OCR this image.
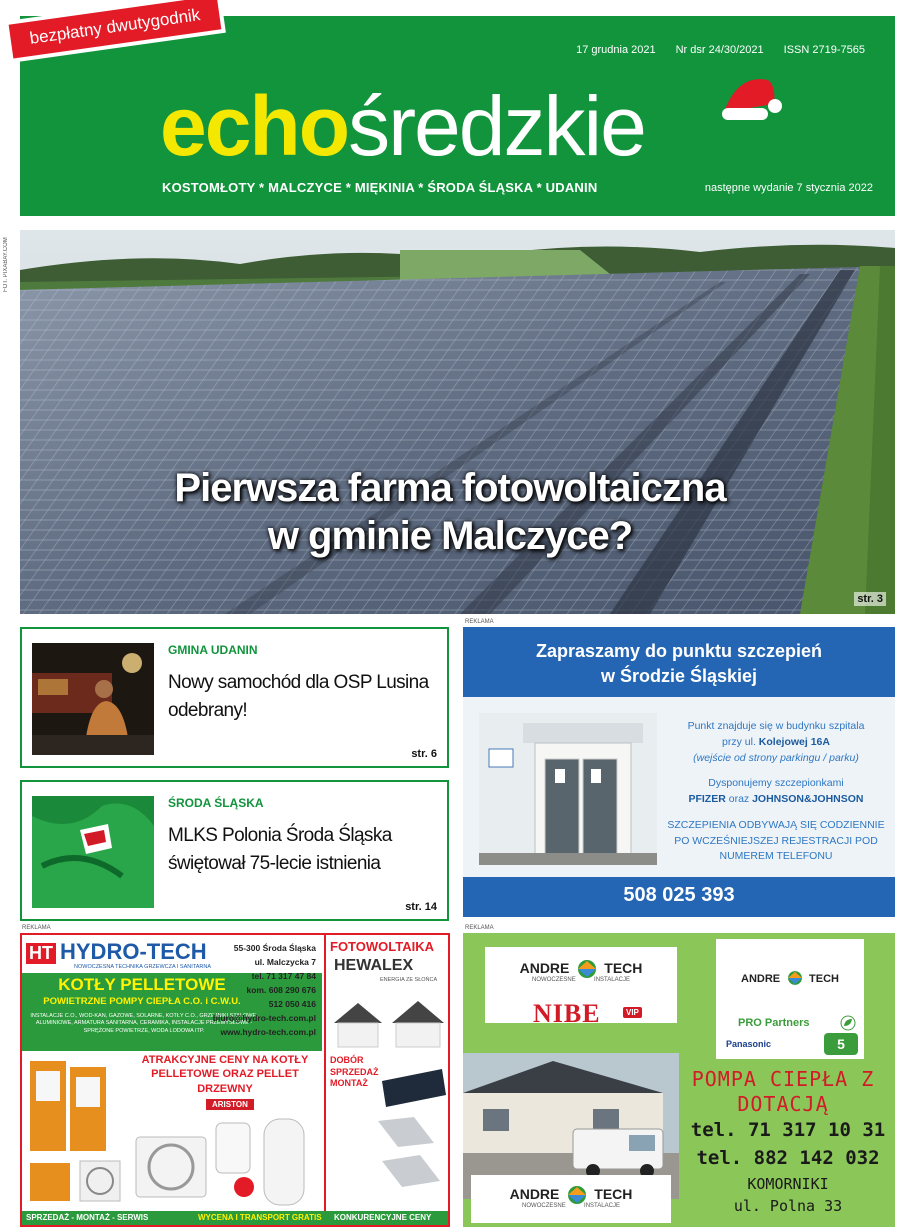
17 grudnia 2021 Nr dsr 24/30/2021 ISSN 2719-7565
echośredzkie
KOSTOMŁOTY * MALCZYCE * MIĘKINIA * ŚRODA ŚLĄSKA * UDANIN	następne wydanie 7 stycznia 2022
bezpłatny dwutygodnik
FOT. PIXABAY.COM
Pierwsza farma fotowoltaiczna
w gminie Malczyce?
str. 3
GMINA UDANIN
Nowy samochód dla OSP Lusina odebrany!
str. 6
ŚRODA ŚLĄSKA
MLKS Polonia Środa Śląska świętował 75-lecie istnienia
str. 14
REKLAMA
REKLAMA	REKLAMA
Zapraszamy do punktu szczepień
w Środzie Śląskiej
Punkt znajduje się w budynku szpitala
przy ul. Kolejowej 16A
(wejście od strony parkingu / parku)
Dysponujemy szczepionkami
PFIZER oraz JOHNSON&JOHNSON
SZCZEPIENIA ODBYWAJĄ SIĘ CODZIENNIE PO WCZEŚNIEJSZEJ REJESTRACJI POD NUMEREM TELEFONU
508 025 393
HT HYDRO-TECH
NOWOCZESNA TECHNIKA GRZEWCZA I SANITARNA
KOTŁY PELLETOWE
POWIETRZNE POMPY CIEPŁA C.O. i C.W.U.
INSTALACJE C.O., WOD-KAN, GAZOWE, SOLARNE, KOTŁY C.O., GRZEJNIKI STALOWE, ALUMINIOWE, ARMATURA SANITARNA, CERAMIKA, INSTALACJE PRZEMYSŁOWE - SPRĘŻONE POWIETRZE, WODA LODOWA ITP.
ATRAKCYJNE CENY NA KOTŁY PELLETOWE ORAZ PELLET DRZEWNY
ARISTON
55-300 Środa Śląska
ul. Malczycka 7
tel. 71 317 47 84
kom. 608 290 676
512 050 416
biuro@hydro-tech.com.pl
www.hydro-tech.com.pl
FOTOWOLTAIKA
HEWALEX
ENERGIA ZE SŁOŃCA
DOBÓR SPRZEDAŻ MONTAŻ
SPRZEDAŻ - MONTAŻ - SERWIS	WYCENA I TRANSPORT GRATIS KONKURENCYJNE CENY
ANDRE TECH
NOWOCZESNE	INSTALACJE
NIBE	VIP
ANDRE	TECH
PRO Partners
Panasonic	5
ANDRE TECH
NOWOCZESNE	INSTALACJE
POMPA CIEPŁA Z DOTACJĄ
tel. 71 317 10 31
tel. 882 142 032
KOMORNIKI
ul. Polna 33
